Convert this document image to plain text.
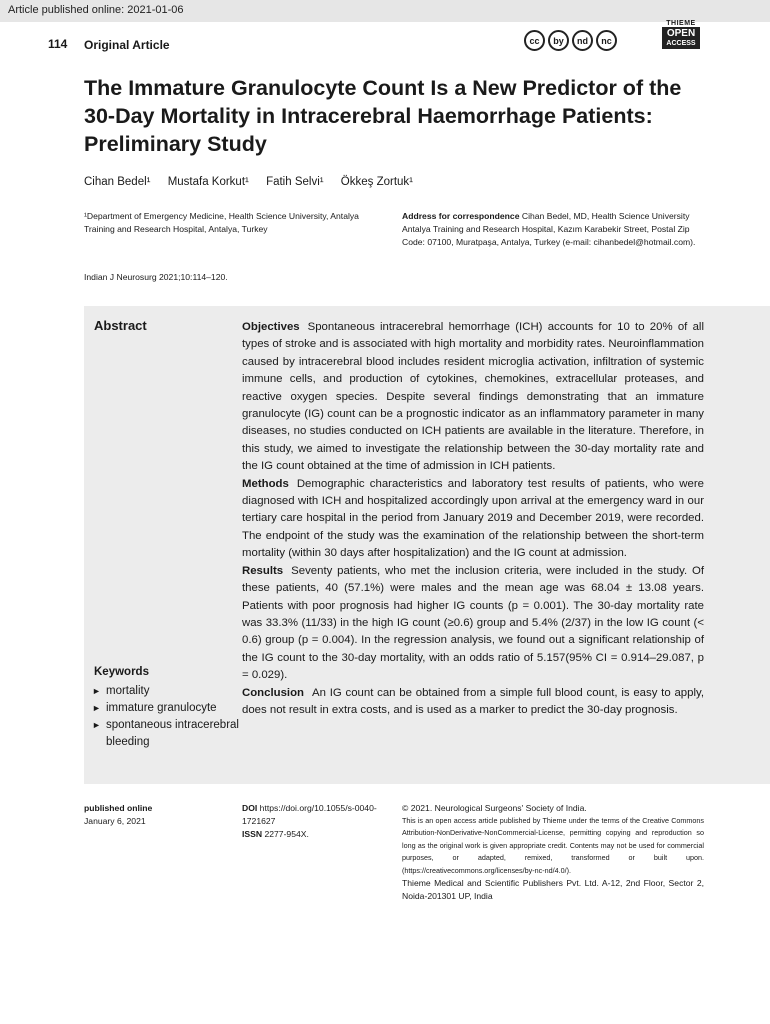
Article published online: 2021-01-06
114 Original Article	cc	by	nd	nc
THIEME
OPEN
ACCESS
The Immature Granulocyte Count Is a New Predictor of the 30-Day Mortality in Intracerebral Haemorrhage Patients: Preliminary Study
Cihan Bedel¹ Mustafa Korkut¹ Fatih Selvi¹ Ökkeş Zortuk¹
¹Department of Emergency Medicine, Health Science University, Antalya Training and Research Hospital, Antalya, Turkey
Address for correspondence Cihan Bedel, MD, Health Science University Antalya Training and Research Hospital, Kazım Karabekir Street, Postal Zip Code: 07100, Muratpaşa, Antalya, Turkey (e-mail: cihanbedel@hotmail.com).
Indian J Neurosurg 2021;10:114–120.
Abstract	Objectives Spontaneous intracerebral hemorrhage (ICH) accounts for 10 to 20% of all types of stroke and is associated with high mortality and morbidity rates. Neuroinflammation caused by intracerebral blood includes resident microglia activation, infiltration of systemic immune cells, and production of cytokines, chemokines, extracellular proteases, and reactive oxygen species. Despite several findings demonstrating that an immature granulocyte (IG) count can be a prognostic indicator as an inflammatory parameter in many diseases, no studies conducted on ICH patients are available in the literature. Therefore, in this study, we aimed to investigate the relationship between the 30-day mortality rate and the IG count obtained at the time of admission in ICH patients.

Methods Demographic characteristics and laboratory test results of patients, who were diagnosed with ICH and hospitalized accordingly upon arrival at the emergency ward in our tertiary care hospital in the period from January 2019 and December 2019, were recorded. The endpoint of the study was the examination of the relationship between the short-term mortality (within 30 days after hospitalization) and the IG count at admission.

Results Seventy patients, who met the inclusion criteria, were included in the study. Of these patients, 40 (57.1%) were males and the mean age was 68.04 ± 13.08 years. Patients with poor prognosis had higher IG counts (p = 0.001). The 30-day mortality rate was 33.3% (11/33) in the high IG count (≥0.6) group and 5.4% (2/37) in the low IG count (< 0.6) group (p = 0.004). In the regression analysis, we found out a significant relationship of the IG count to the 30-day mortality, with an odds ratio of 5.157(95% CI = 0.914–29.087, p = 0.029).

Conclusion An IG count can be obtained from a simple full blood count, is easy to apply, does not result in extra costs, and is used as a marker to predict the 30-day prognosis.

Keywords
► mortality
► immature granulocyte
► spontaneous intracerebral bleeding
published online
January 6, 2021
DOI https://doi.org/10.1055/s-0040-1721627
ISSN 2277-954X.
© 2021. Neurological Surgeons' Society of India.
This is an open access article published by Thieme under the terms of the Creative Commons Attribution-NonDerivative-NonCommercial-License, permitting copying and reproduction so long as the original work is given appropriate credit. Contents may not be used for commercial purposes, or adapted, remixed, transformed or built upon. (https://creativecommons.org/licenses/by-nc-nd/4.0/).
Thieme Medical and Scientific Publishers Pvt. Ltd. A-12, 2nd Floor, Sector 2, Noida-201301 UP, India
